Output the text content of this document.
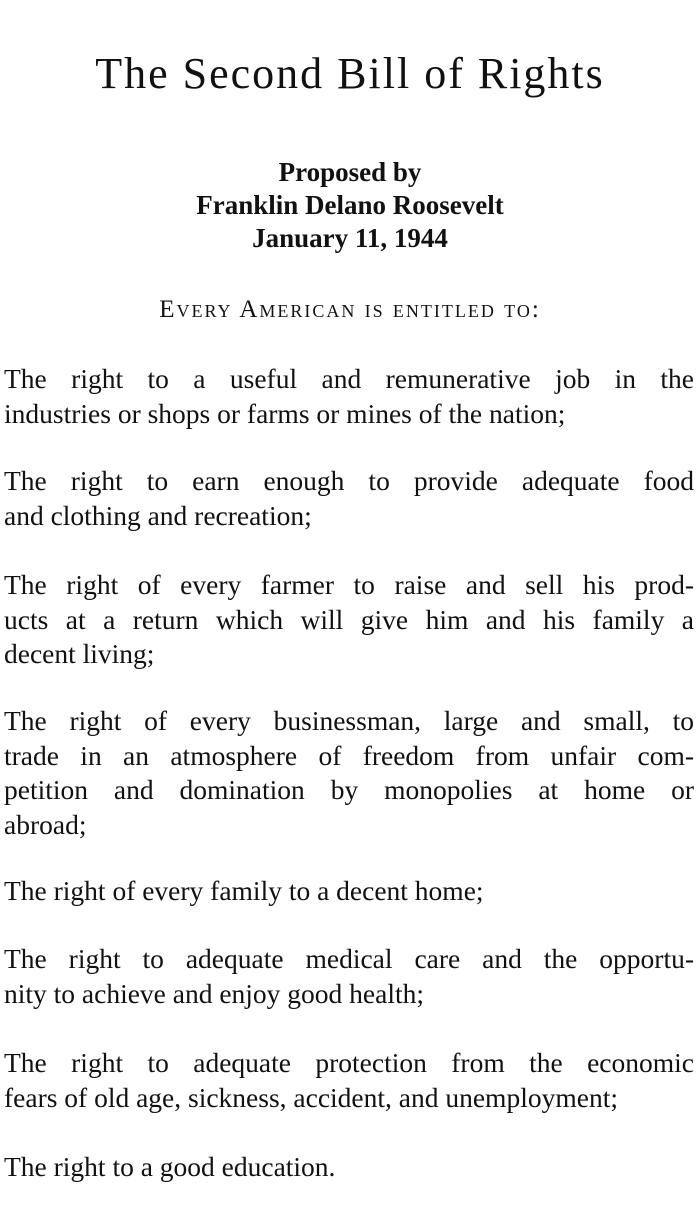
The Second Bill of Rights
Proposed by
Franklin Delano Roosevelt
January 11, 1944
Every American is entitled to:
The right to a useful and remunerative job in the
industries or shops or farms or mines of the nation;
The right to earn enough to provide adequate food
and clothing and recreation;
The right of every farmer to raise and sell his prod-
ucts at a return which will give him and his family a
decent living;
The right of every businessman, large and small, to
trade in an atmosphere of freedom from unfair com-
petition and domination by monopolies at home or
abroad;
The right of every family to a decent home;
The right to adequate medical care and the opportu-
nity to achieve and enjoy good health;
The right to adequate protection from the economic
fears of old age, sickness, accident, and unemployment;
The right to a good education.
